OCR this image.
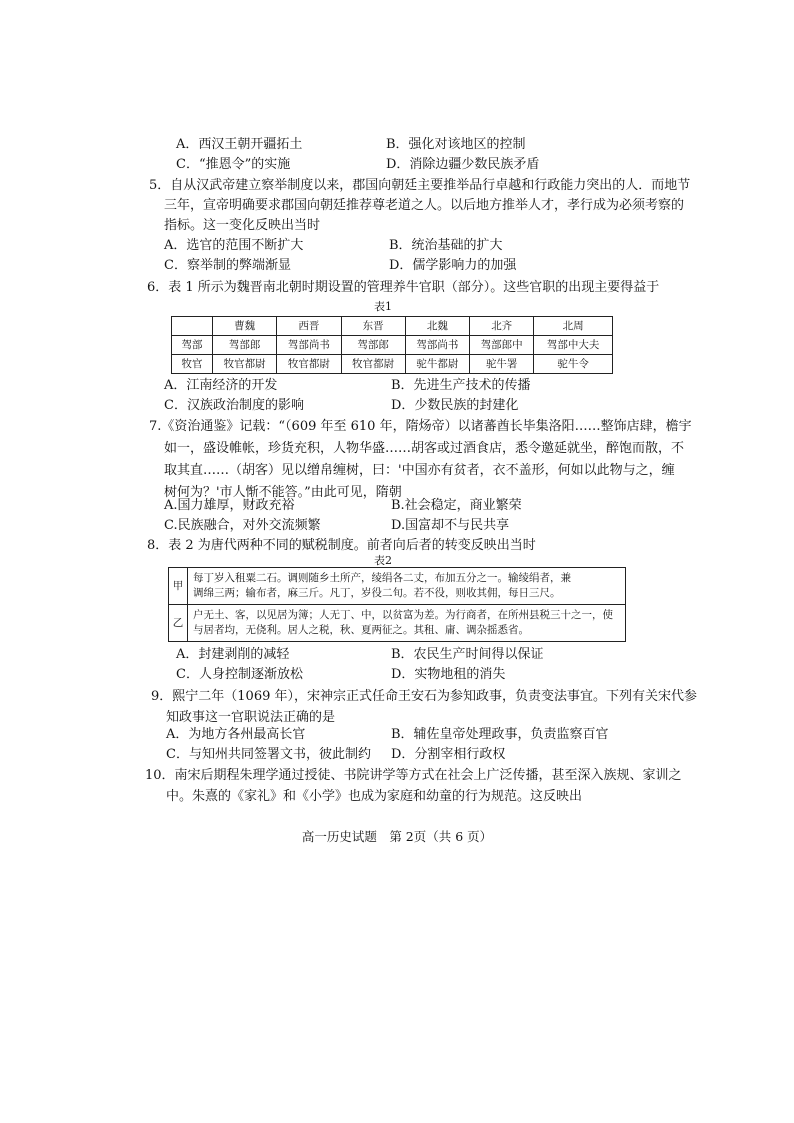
A．西汉王朝开疆拓土	B．强化对该地区的控制
C．“推恩令”的实施	D．消除边疆少数民族矛盾
5．自从汉武帝建立察举制度以来，郡国向朝廷主要推举品行卓越和行政能力突出的人．而地节
三年，宣帝明确要求郡国向朝廷推荐尊老道之人。以后地方推举人才，孝行成为必须考察的
指标。这一变化反映出当时
A．选官的范围不断扩大	B．统治基础的扩大
C．察举制的弊端渐显	D．儒学影响力的加强
6．表 1 所示为魏晋南北朝时期设置的管理养牛官职（部分）。这些官职的出现主要得益于
表1
	曹魏	西晋	东晋	北魏	北齐	北周
驾部	驾部郎	驾部尚书	驾部郎	驾部尚书	驾部郎中	驾部中大夫
牧官	牧官都尉	牧官都尉	牧官都尉	驼牛都尉	驼牛署	驼牛令
A．江南经济的开发	B．先进生产技术的传播
C．汉族政治制度的影响	D．少数民族的封建化
7.《资治通鉴》记载：“（609 年至 610 年，隋炀帝）以诸蕃酋长毕集洛阳……整饰店肆，檐宇
如一，盛设帷帐，珍货充积，人物华盛……胡客或过酒食店，悉令邀延就坐，醉饱而散，不
取其直……（胡客）见以缯帛缠树，曰：'中国亦有贫者，衣不盖形，何如以此物与之，缠
树何为？'市人惭不能答。”由此可见，隋朝
A.国力雄厚，财政充裕	B.社会稳定，商业繁荣
C.民族融合，对外交流频繁	D.国富却不与民共享
8．表 2 为唐代两种不同的赋税制度。前者向后者的转变反映出当时
表2
甲	每丁岁入租粟二石。调则随乡土所产，绫绢各二丈，布加五分之一。输绫绢者，兼
调绵三两；输布者，麻三斤。凡丁，岁役二旬。若不役，则收其佣，每日三尺。

乙	户无土、客，以见居为簿；人无丁、中，以贫富为差。为行商者，在所州县税三十之一，使
与居者均，无侥利。居人之税，秋、夏两征之。其租、庸、调杂摇悉省。
A．封建剥削的减轻	B．农民生产时间得以保证
C．人身控制逐渐放松	D．实物地租的消失
9．熙宁二年（1069 年），宋神宗正式任命王安石为参知政事，负责变法事宜。下列有关宋代参
知政事这一官职说法正确的是
A．为地方各州最高长官	B．辅佐皇帝处理政事，负责监察百官
C．与知州共同签署文书，彼此制约 D．分割宰相行政权
10．南宋后期程朱理学通过授徒、书院讲学等方式在社会上广泛传播，甚至深入族规、家训之
中。朱熹的《家礼》和《小学》也成为家庭和幼童的行为规范。这反映出
高一历史试题　第 2页（共 6 页）
